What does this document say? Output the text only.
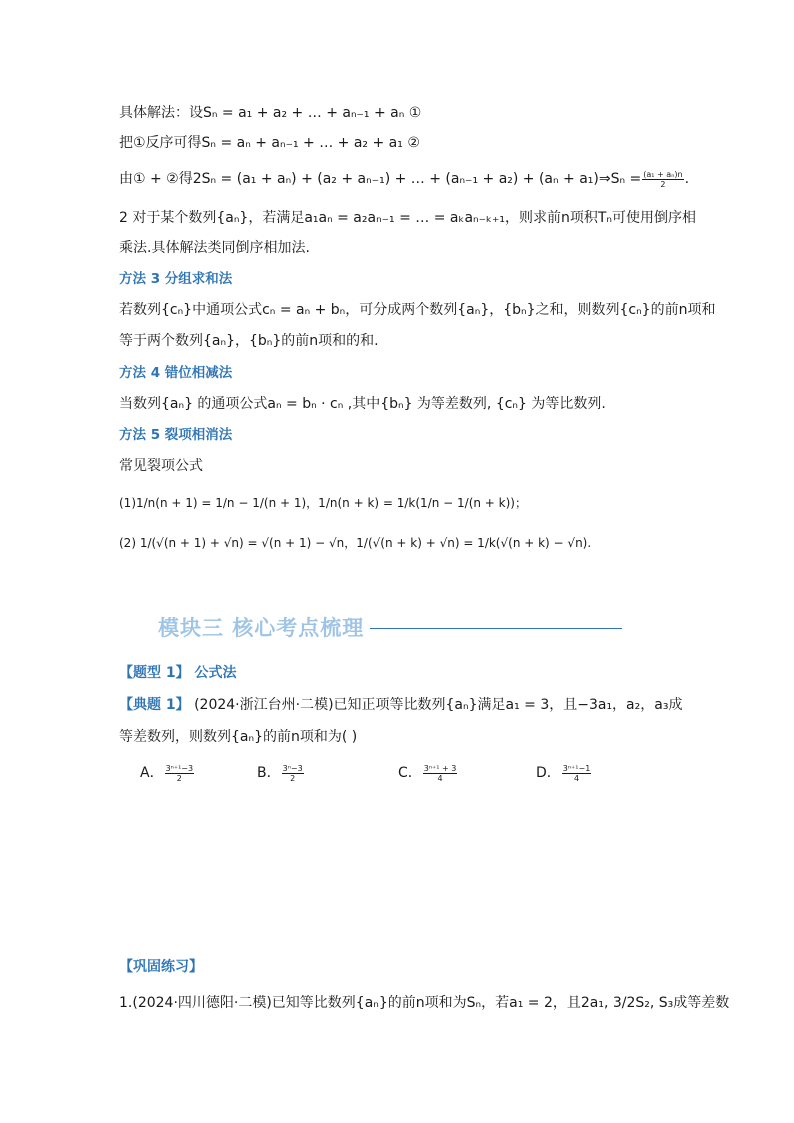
具体解法：设Sₙ = a₁ + a₂ + … + aₙ₋₁ + aₙ ①
把①反序可得Sₙ = aₙ + aₙ₋₁ + … + a₂ + a₁ ②
由① + ②得2Sₙ = (a₁ + aₙ) + (a₂ + aₙ₋₁) + … + (aₙ₋₁ + a₂) + (aₙ + a₁)⇒Sₙ = $\frac{\text{(a₁ + aₙ)n}}{2}$ .
2 对于某个数列{aₙ}，若满足a₁aₙ = a₂aₙ₋₁ = … = aₖaₙ₋ₖ₊₁，则求前n项积Tₙ可使用倒序相
乘法.具体解法类同倒序相加法.
方法 3 分组求和法
若数列{cₙ}中通项公式cₙ = aₙ + bₙ，可分成两个数列{aₙ}，{bₙ}之和，则数列{cₙ}的前n项和
等于两个数列{aₙ}，{bₙ}的前n项和的和.
方法 4 错位相减法
当数列{aₙ} 的通项公式aₙ = bₙ · cₙ ,其中{bₙ} 为等差数列, {cₙ} 为等比数列.
方法 5 裂项相消法
常见裂项公式
(1)1/n(n + 1) = 1/n − 1/(n + 1)，1/n(n + k) = 1/k(1/n − 1/(n + k))；
(2) 1/(√(n + 1) + √n) = √(n + 1) − √n，1/(√(n + k) + √n) = 1/k(√(n + k) − √n).
模块三 核心考点梳理
【题型 1】 公式法
【典题 1】 (2024·浙江台州·二模)已知正项等比数列{aₙ}满足a₁ = 3，且−3a₁，a₂，a₃成
等差数列，则数列{aₙ}的前n项和为( )
A． $\frac{\text{3ⁿ⁺¹−3}}{2}$	B． $\frac{\text{3ⁿ−3}}{2}$	C． $\frac{\text{3ⁿ⁺¹ + 3}}{4}$	D． $\frac{\text{3ⁿ⁺¹−1}}{4}$
【巩固练习】
1.(2024·四川德阳·二模)已知等比数列{aₙ}的前n项和为Sₙ，若a₁ = 2，且2a₁, 3/2S₂, S₃成等差数
